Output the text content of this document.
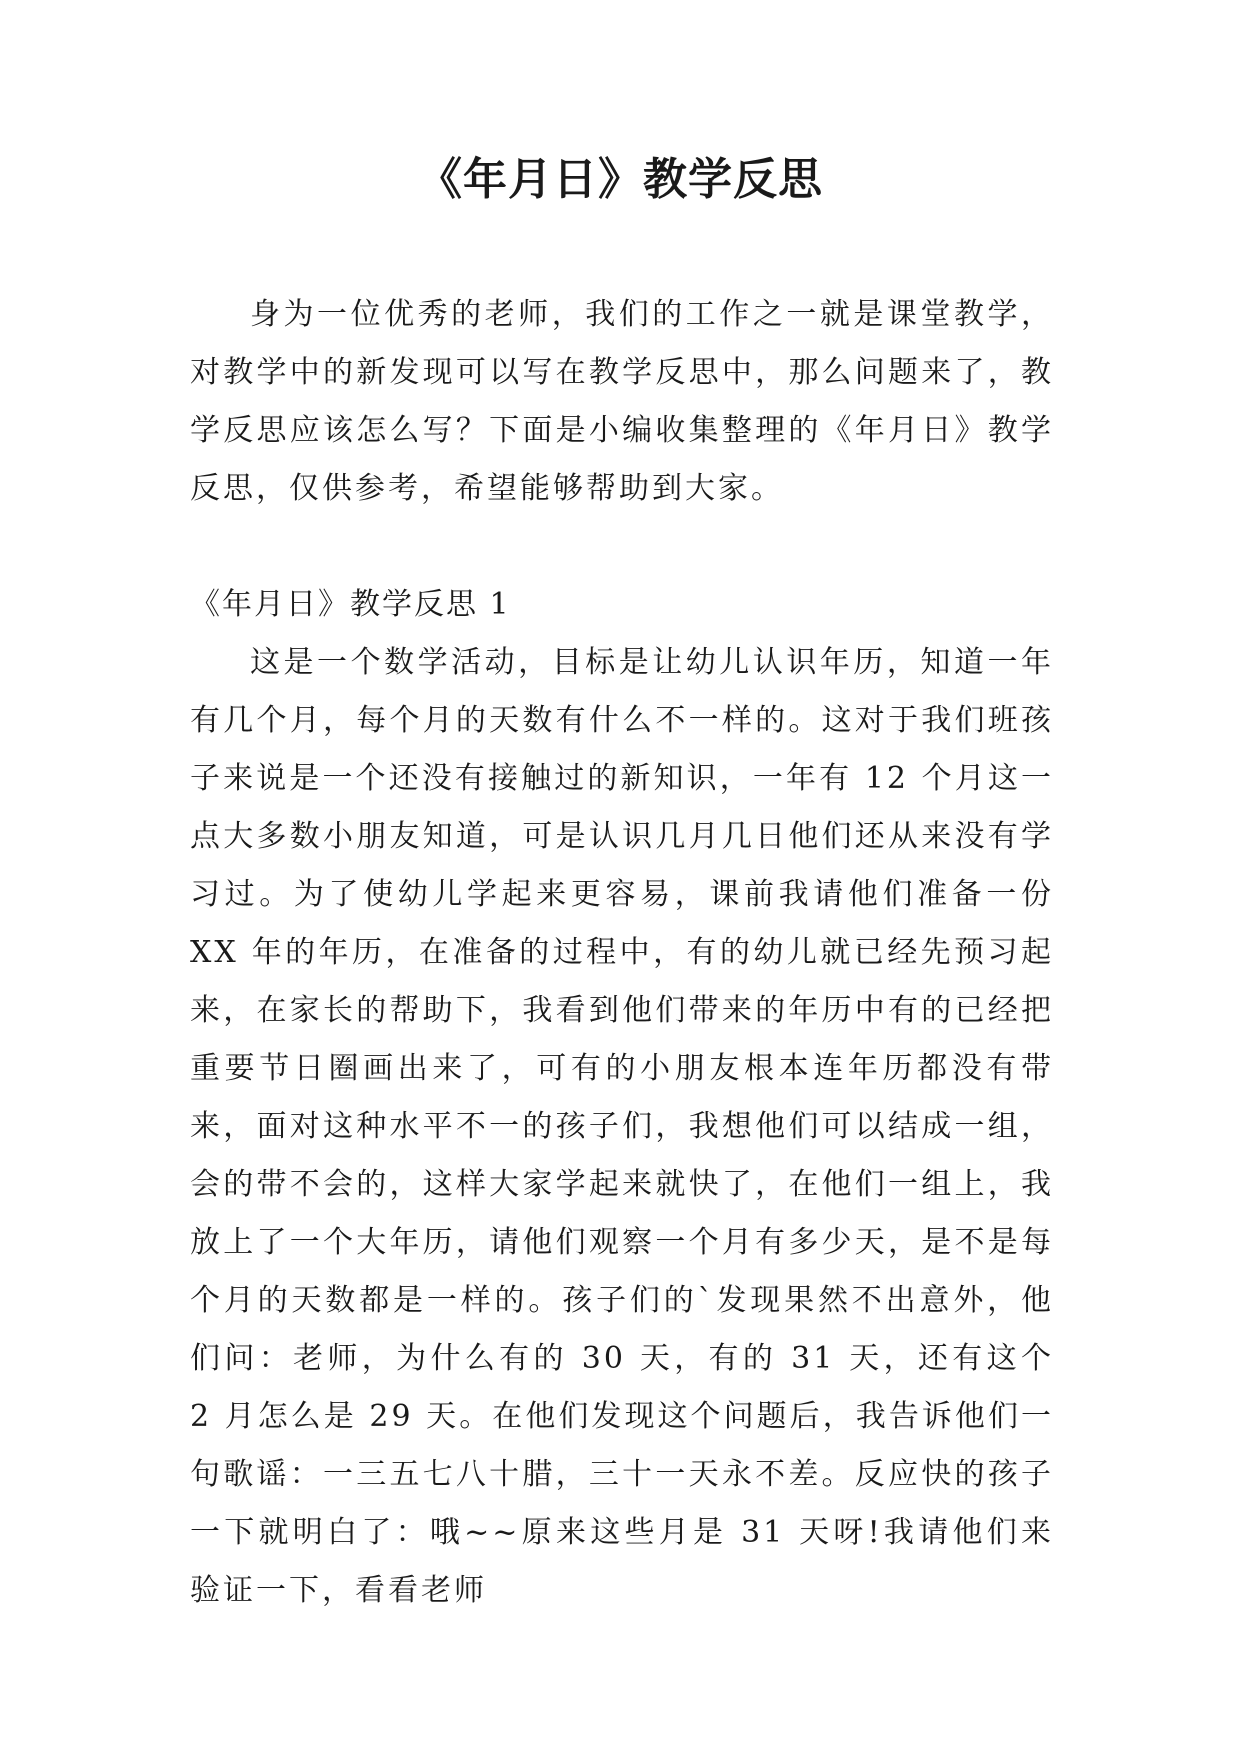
《年月日》教学反思

身为一位优秀的老师，我们的工作之一就是课堂教学，对教学中的新发现可以写在教学反思中，那么问题来了，教学反思应该怎么写？下面是小编收集整理的《年月日》教学反思，仅供参考，希望能够帮助到大家。

《年月日》教学反思 1

这是一个数学活动，目标是让幼儿认识年历，知道一年有几个月，每个月的天数有什么不一样的。这对于我们班孩子来说是一个还没有接触过的新知识，一年有 12 个月这一点大多数小朋友知道，可是认识几月几日他们还从来没有学习过。为了使幼儿学起来更容易，课前我请他们准备一份 XX 年的年历，在准备的过程中，有的幼儿就已经先预习起来，在家长的帮助下，我看到他们带来的年历中有的已经把重要节日圈画出来了，可有的小朋友根本连年历都没有带来，面对这种水平不一的孩子们，我想他们可以结成一组，会的带不会的，这样大家学起来就快了，在他们一组上，我放上了一个大年历，请他们观察一个月有多少天，是不是每个月的天数都是一样的。孩子们的`发现果然不出意外，他们问：老师，为什么有的 30 天，有的 31 天，还有这个 2 月怎么是 29 天。在他们发现这个问题后，我告诉他们一句歌谣：一三五七八十腊，三十一天永不差。反应快的孩子一下就明白了：哦~~原来这些月是 31 天呀!我请他们来验证一下，看看老师
